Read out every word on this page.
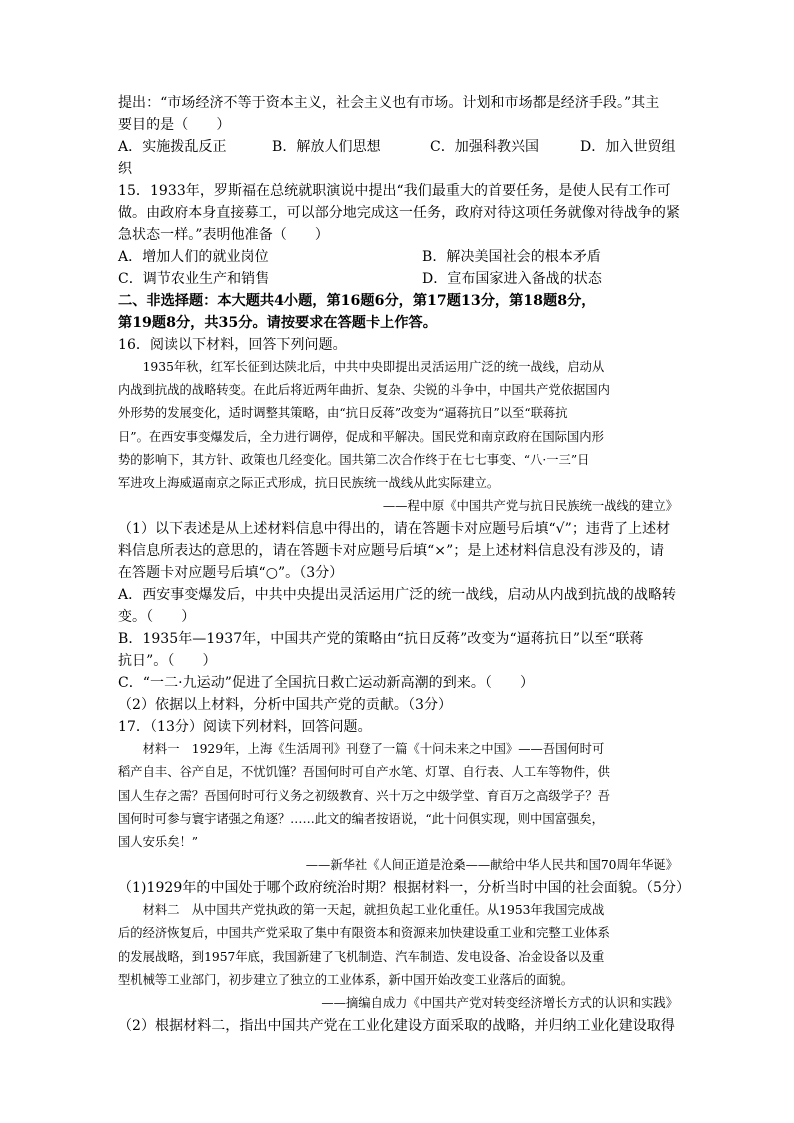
提出：“市场经济不等于资本主义，社会主义也有市场。计划和市场都是经济手段。”其主
要目的是（　　）
A．实施拨乱反正	B．解放人们思想	C．加强科教兴国	D．加入世贸组
织
15．1933年，罗斯福在总统就职演说中提出“我们最重大的首要任务，是使人民有工作可
做。由政府本身直接募工，可以部分地完成这一任务，政府对待这项任务就像对待战争的紧
急状态一样。”表明他准备（　　）
A．增加人们的就业岗位	B．解决美国社会的根本矛盾
C．调节农业生产和销售	D．宣布国家进入备战的状态
二、非选择题：本大题共4小题，第16题6分，第17题13分，第18题8分，
第19题8分，共35分。请按要求在答题卡上作答。
16．阅读以下材料，回答下列问题。
　　1935年秋，红军长征到达陕北后，中共中央即提出灵活运用广泛的统一战线，启动从
内战到抗战的战略转变。在此后将近两年曲折、复杂、尖锐的斗争中，中国共产党依据国内
外形势的发展变化，适时调整其策略，由“抗日反蒋”改变为“逼蒋抗日”以至“联蒋抗
日”。在西安事变爆发后，全力进行调停，促成和平解决。国民党和南京政府在国际国内形
势的影响下，其方针、政策也几经变化。国共第二次合作终于在七七事变、“八·一三”日
军进攻上海威逼南京之际正式形成，抗日民族统一战线从此实际建立。
——程中原《中国共产党与抗日民族统一战线的建立》
（1）以下表述是从上述材料信息中得出的，请在答题卡对应题号后填“√”；违背了上述材
料信息所表达的意思的，请在答题卡对应题号后填“×”；是上述材料信息没有涉及的，请
在答题卡对应题号后填“○”。（3分）
A．西安事变爆发后，中共中央提出灵活运用广泛的统一战线，启动从内战到抗战的战略转
变。（　　）
B．1935年—1937年，中国共产党的策略由“抗日反蒋”改变为“逼蒋抗日”以至“联蒋
抗日”。（　　）
C．“一二·九运动”促进了全国抗日救亡运动新高潮的到来。（　　）
（2）依据以上材料，分析中国共产党的贡献。（3分）
17．（13分）阅读下列材料，回答问题。
　　材料一　1929年，上海《生活周刊》刊登了一篇《十问未来之中国》——吾国何时可
稻产自丰、谷产自足，不忧饥馑？吾国何时可自产水笔、灯罩、自行表、人工车等物件，供
国人生存之需？吾国何时可行义务之初级教育、兴十万之中级学堂、育百万之高级学子？吾
国何时可参与寰宇诸强之角逐？……此文的编者按语说，“此十问俱实现，则中国富强矣，
国人安乐矣！”
——新华社《人间正道是沧桑——献给中华人民共和国70周年华诞》
（1)1929年的中国处于哪个政府统治时期？根据材料一，分析当时中国的社会面貌。（5分）
　　材料二　从中国共产党执政的第一天起，就担负起工业化重任。从1953年我国完成战
后的经济恢复后，中国共产党采取了集中有限资本和资源来加快建设重工业和完整工业体系
的发展战略，到1957年底，我国新建了飞机制造、汽车制造、发电设备、冶金设备以及重
型机械等工业部门，初步建立了独立的工业体系，新中国开始改变工业落后的面貌。
——摘编自成力《中国共产党对转变经济增长方式的认识和实践》
（2）根据材料二，指出中国共产党在工业化建设方面采取的战略，并归纳工业化建设取得
